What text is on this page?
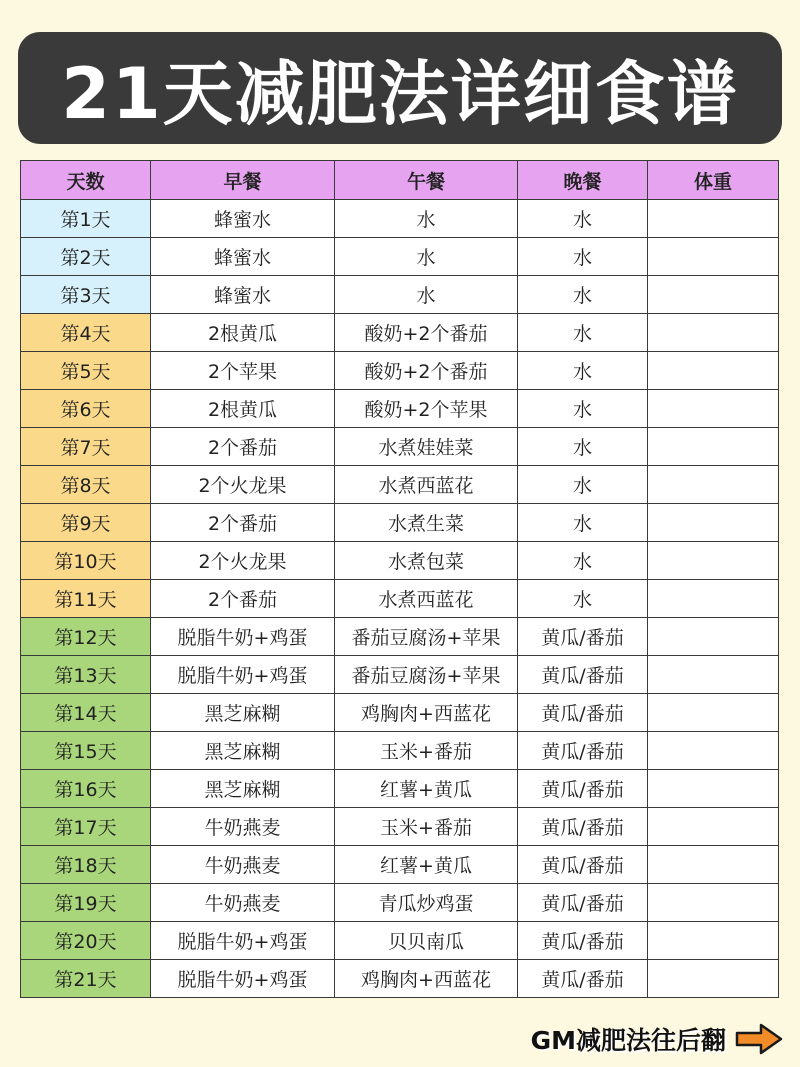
21天减肥法详细食谱
天数	早餐	午餐	晚餐	体重
第1天	蜂蜜水	水	水	
第2天	蜂蜜水	水	水	
第3天	蜂蜜水	水	水	
第4天	2根黄瓜	酸奶+2个番茄	水	
第5天	2个苹果	酸奶+2个番茄	水	
第6天	2根黄瓜	酸奶+2个苹果	水	
第7天	2个番茄	水煮娃娃菜	水	
第8天	2个火龙果	水煮西蓝花	水	
第9天	2个番茄	水煮生菜	水	
第10天	2个火龙果	水煮包菜	水	
第11天	2个番茄	水煮西蓝花	水	
第12天	脱脂牛奶+鸡蛋	番茄豆腐汤+苹果	黄瓜/番茄	
第13天	脱脂牛奶+鸡蛋	番茄豆腐汤+苹果	黄瓜/番茄	
第14天	黑芝麻糊	鸡胸肉+西蓝花	黄瓜/番茄	
第15天	黑芝麻糊	玉米+番茄	黄瓜/番茄	
第16天	黑芝麻糊	红薯+黄瓜	黄瓜/番茄	
第17天	牛奶燕麦	玉米+番茄	黄瓜/番茄	
第18天	牛奶燕麦	红薯+黄瓜	黄瓜/番茄	
第19天	牛奶燕麦	青瓜炒鸡蛋	黄瓜/番茄	
第20天	脱脂牛奶+鸡蛋	贝贝南瓜	黄瓜/番茄	
第21天	脱脂牛奶+鸡蛋	鸡胸肉+西蓝花	黄瓜/番茄	
GM减肥法往后翻
